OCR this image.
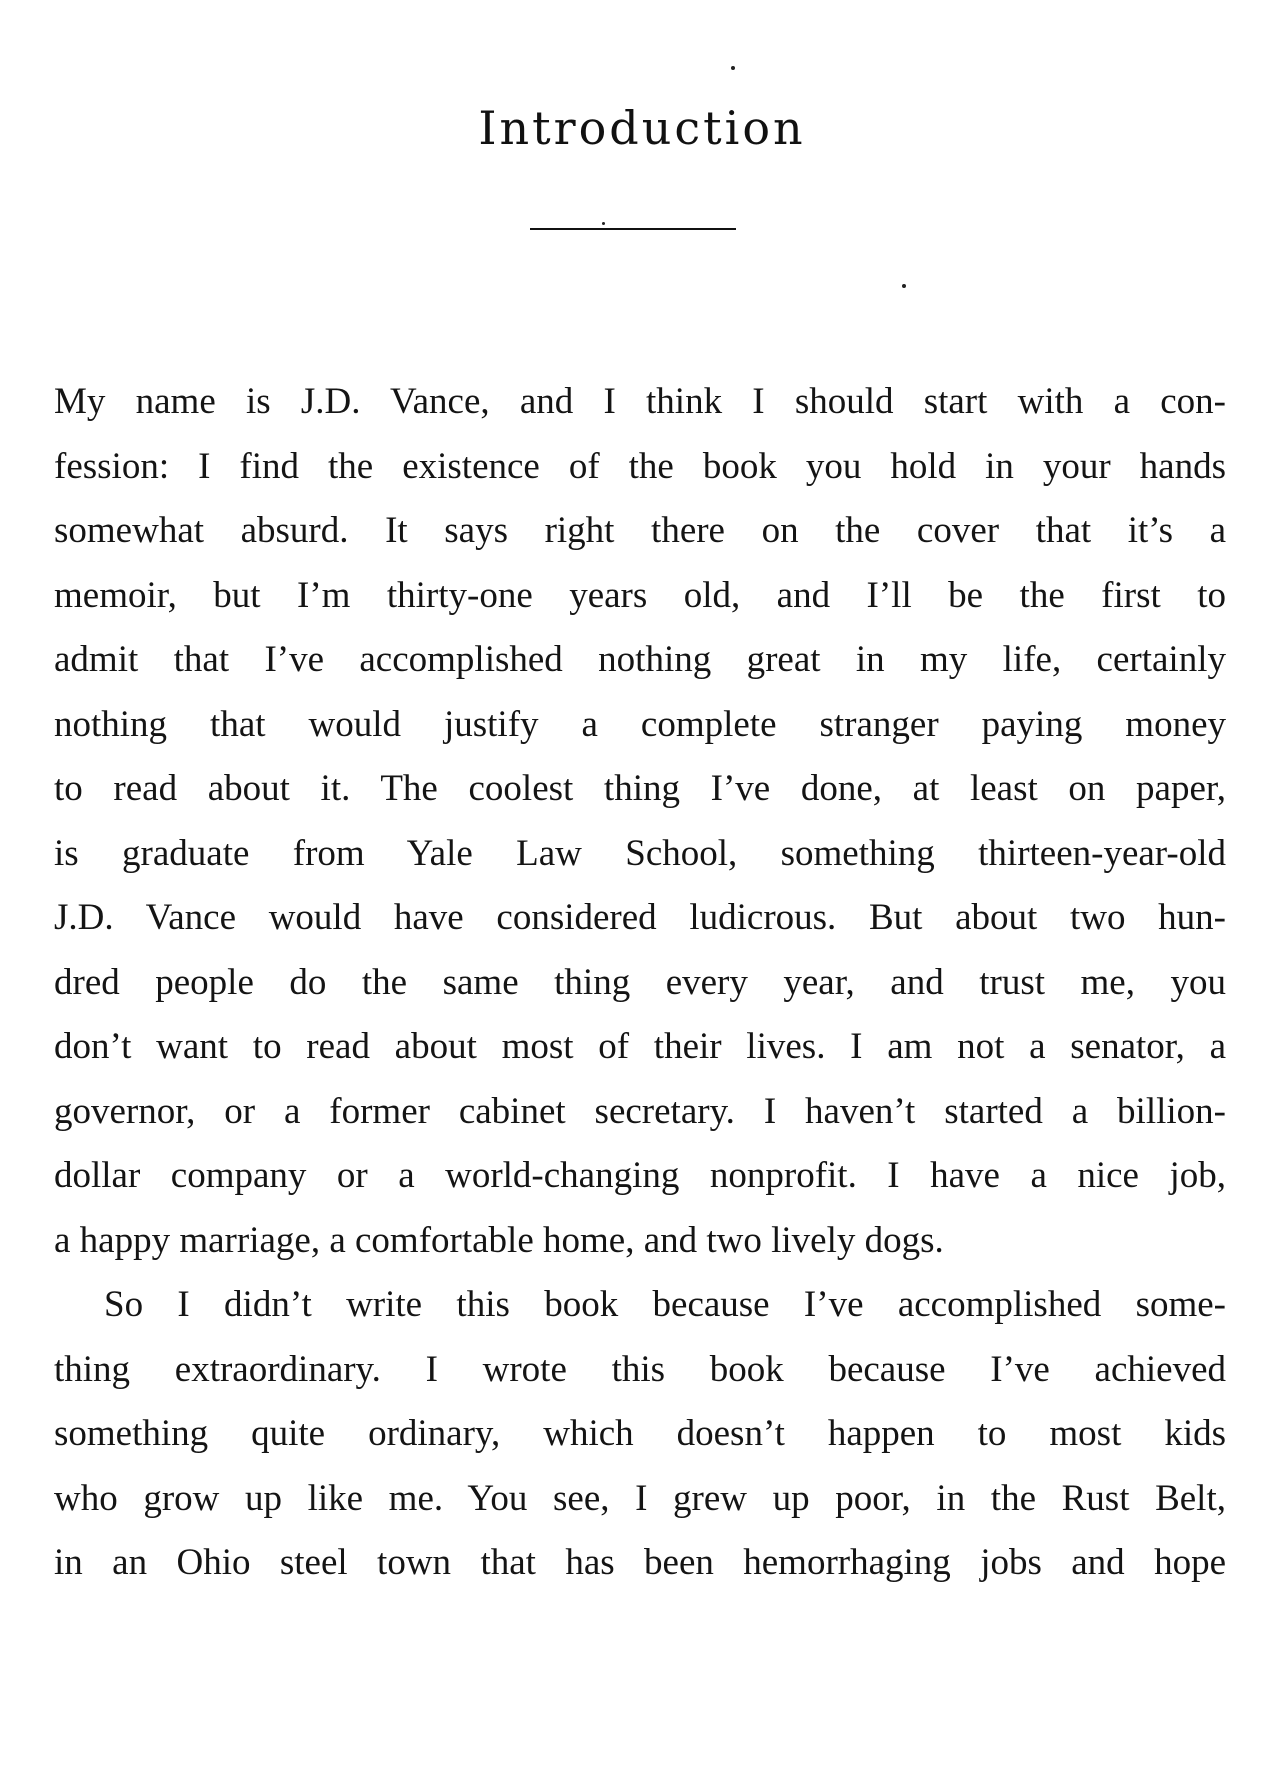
Introduction
My name is J.D. Vance, and I think I should start with a con-
fession: I find the existence of the book you hold in your hands
somewhat absurd. It says right there on the cover that it’s a
memoir, but I’m thirty-one years old, and I’ll be the first to
admit that I’ve accomplished nothing great in my life, certainly
nothing that would justify a complete stranger paying money
to read about it. The coolest thing I’ve done, at least on paper,
is graduate from Yale Law School, something thirteen-year-old
J.D. Vance would have considered ludicrous. But about two hun-
dred people do the same thing every year, and trust me, you
don’t want to read about most of their lives. I am not a senator, a
governor, or a former cabinet secretary. I haven’t started a billion-
dollar company or a world-changing nonprofit. I have a nice job,
a happy marriage, a comfortable home, and two lively dogs.
So I didn’t write this book because I’ve accomplished some-
thing extraordinary. I wrote this book because I’ve achieved
something quite ordinary, which doesn’t happen to most kids
who grow up like me. You see, I grew up poor, in the Rust Belt,
in an Ohio steel town that has been hemorrhaging jobs and hope
